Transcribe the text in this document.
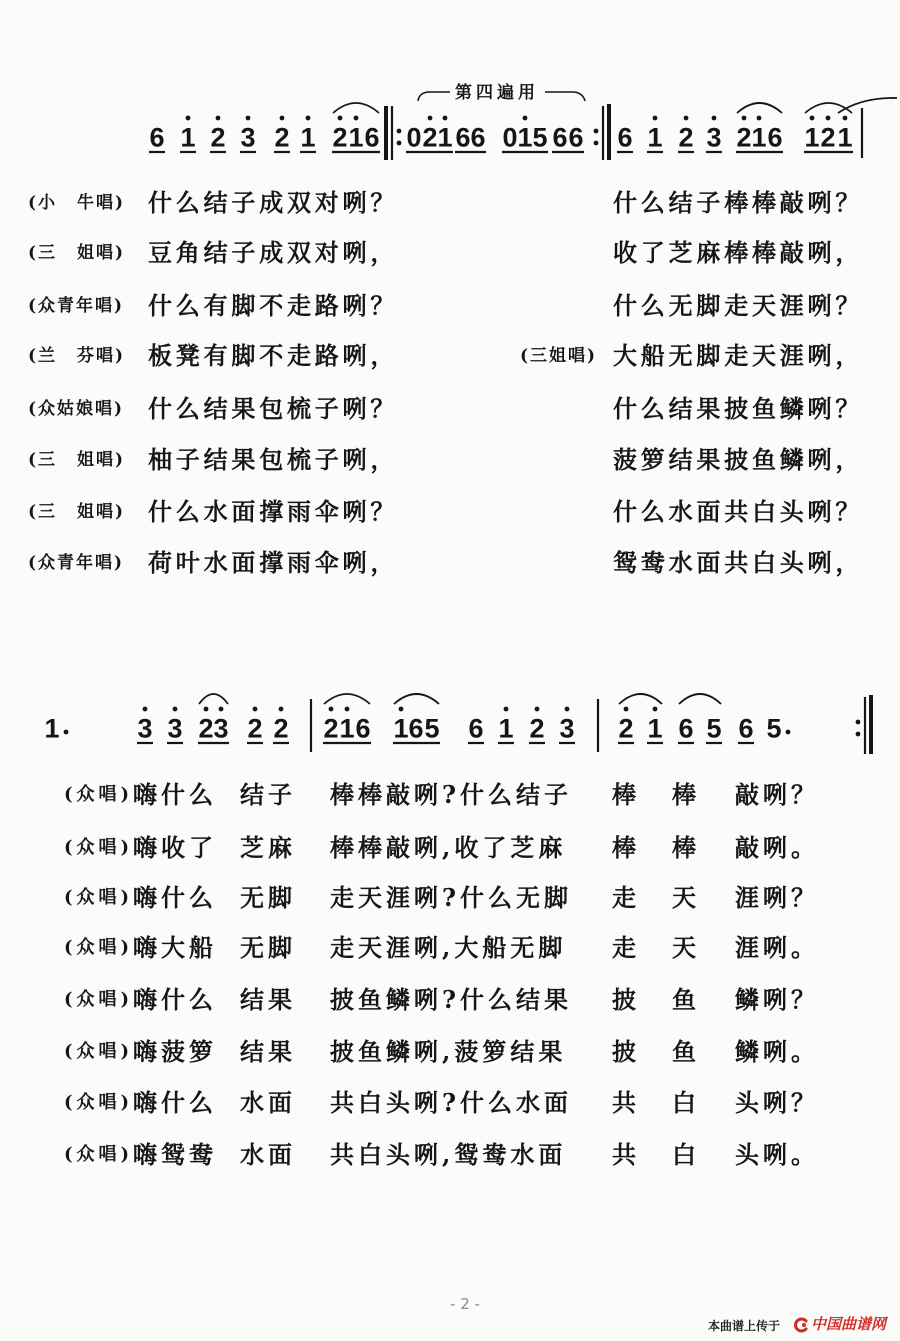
6 1 2 3 2 1 2 1 6 0 2 1 6 6 0 1 5 6 6 6 1 2 3 2 1 6 1 2 1
1	3 3 2 3 2 2 2 1 6 1 6 5 6 1 2 3 2 1 6 5 6 5
第四遍用
(小 牛唱) 什么结子成双对咧？	什么结子棒棒敲咧？
(三 姐唱) 豆角结子成双对咧，	收了芝麻棒棒敲咧，
(众青年唱) 什么有脚不走路咧？	什么无脚走天涯咧？
(兰 芬唱) 板凳有脚不走路咧，	(三姐唱) 大船无脚走天涯咧，
(众姑娘唱) 什么结果包梳子咧？	什么结果披鱼鳞咧？
(三 姐唱) 柚子结果包梳子咧，	菠箩结果披鱼鳞咧，
(三 姐唱) 什么水面撑雨伞咧？	什么水面共白头咧？
(众青年唱) 荷叶水面撑雨伞咧，	鸳鸯水面共白头咧，
(众唱) 嗨什么 结子 棒棒敲咧?什么结子 棒 棒 敲咧？
(众唱) 嗨收了 芝麻 棒棒敲咧,收了芝麻 棒 棒 敲咧。
(众唱) 嗨什么 无脚 走天涯咧?什么无脚 走 天 涯咧？
(众唱) 嗨大船 无脚 走天涯咧,大船无脚 走 天 涯咧。
(众唱) 嗨什么 结果 披鱼鳞咧?什么结果 披 鱼 鳞咧？
(众唱) 嗨菠箩 结果 披鱼鳞咧,菠箩结果 披 鱼 鳞咧。
(众唱) 嗨什么 水面 共白头咧?什么水面 共 白 头咧？
(众唱) 嗨鸳鸯 水面 共白头咧,鸳鸯水面 共 白 头咧。
- 2 -
本曲谱上传于 中国曲谱网
